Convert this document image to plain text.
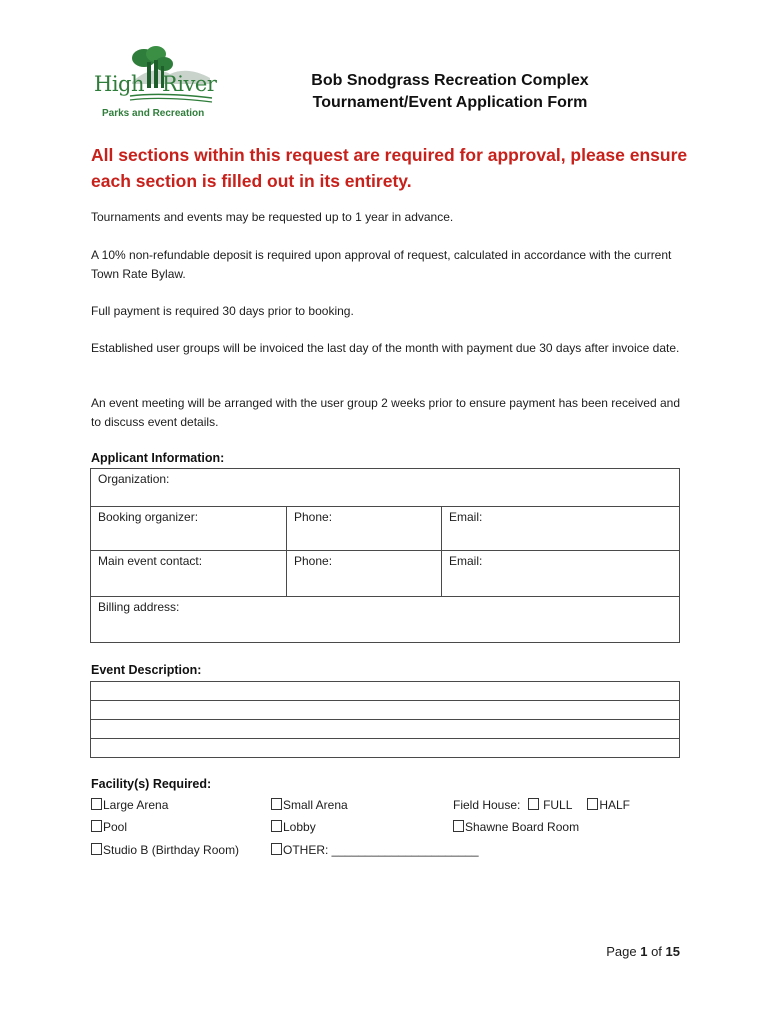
High River
Parks and Recreation
Bob Snodgrass Recreation Complex
Tournament/Event Application Form
All sections within this request are required for approval, please ensure each section is filled out in its entirety.
Tournaments and events may be requested up to 1 year in advance.
A 10% non-refundable deposit is required upon approval of request, calculated in accordance with the current Town Rate Bylaw.
Full payment is required 30 days prior to booking.
Established user groups will be invoiced the last day of the month with payment due 30 days after invoice date.
An event meeting will be arranged with the user group 2 weeks prior to ensure payment has been received and to discuss event details.
Applicant Information:
Organization:		
Booking organizer:	Phone:	Email:
Main event contact:	Phone:	Email:
Billing address:		
Event Description:
Facility(s) Required:
Large Arena	Small Arena	Field House: FULL HALF
Pool	Lobby	Shawne Board Room
Studio B (Birthday Room)	OTHER: ______________________
Page 1 of 15
